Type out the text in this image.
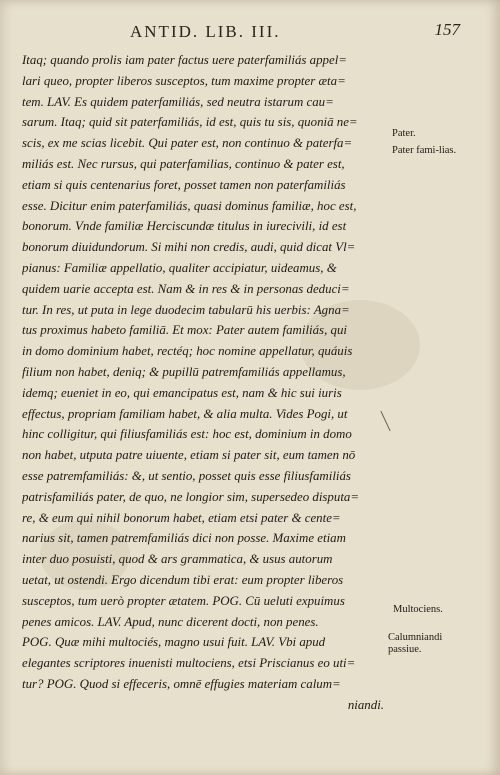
ANTID. LIB. III.	157
Itaq; quando prolis iam pater factus uere paterfamiliás appel=
lari queo, propter liberos susceptos, tum maxime propter æta=
tem. LAV. Es quidem paterfamiliás, sed neutra istarum cau=
sarum. Itaq; quid sit paterfamiliás, id est, quis tu sis, quoniā ne=
scis, ex me scias licebit. Qui pater est, non continuo & paterfa=
miliás est. Nec rursus, qui paterfamilias, continuo & pater est,
etiam si quis centenarius foret, posset tamen non paterfamiliás
esse. Dicitur enim paterfamiliás, quasi dominus familiæ, hoc est,
bonorum. Vnde familiæ Herciscundæ titulus in iurecivili, id est
bonorum diuidundorum. Si mihi non credis, audi, quid dicat Vl=
pianus: Familiæ appellatio, qualiter accipiatur, uideamus, &
quidem uarie accepta est. Nam & in res & in personas deduci=
tur. In res, ut puta in lege duodecim tabularū his uerbis: Agna=
tus proximus habeto familiā. Et mox: Pater autem familiás, qui
in domo dominium habet, rectéq; hoc nomine appellatur, quáuis
filium non habet, deniq; & pupillū patremfamiliás appellamus,
idemq; eueniet in eo, qui emancipatus est, nam & hic sui iuris
effectus, propriam familiam habet, & alia multa. Vides Pogi, ut
hinc colligitur, qui filiusfamiliás est: hoc est, dominium in domo
non habet, utputa patre uiuente, etiam si pater sit, eum tamen nō
esse patremfamiliás: &, ut sentio, posset quis esse filiusfamiliás
patrisfamiliás pater, de quo, ne longior sim, supersedeo disputa=
re, & eum qui nihil bonorum habet, etiam etsi pater & cente=
narius sit, tamen patremfamiliás dici non posse. Maxime etiam
inter duo posuisti, quod & ars grammatica, & usus autorum
uetat, ut ostendi. Ergo dicendum tibi erat: eum propter liberos
susceptos, tum uerò propter ætatem. POG. Cū ueluti expuimus
penes amicos. LAV. Apud, nunc dicerent docti, non penes.
POG. Quæ mihi multociés, magno usui fuit. LAV. Vbi apud
elegantes scriptores inuenisti multociens, etsi Priscianus eo uti=
tur? POG. Quod si effeceris, omnē effugies materiam calum=
niandi.
Pater.
Pater fami-lias.
Multociens.
Calumniandi passiue.
